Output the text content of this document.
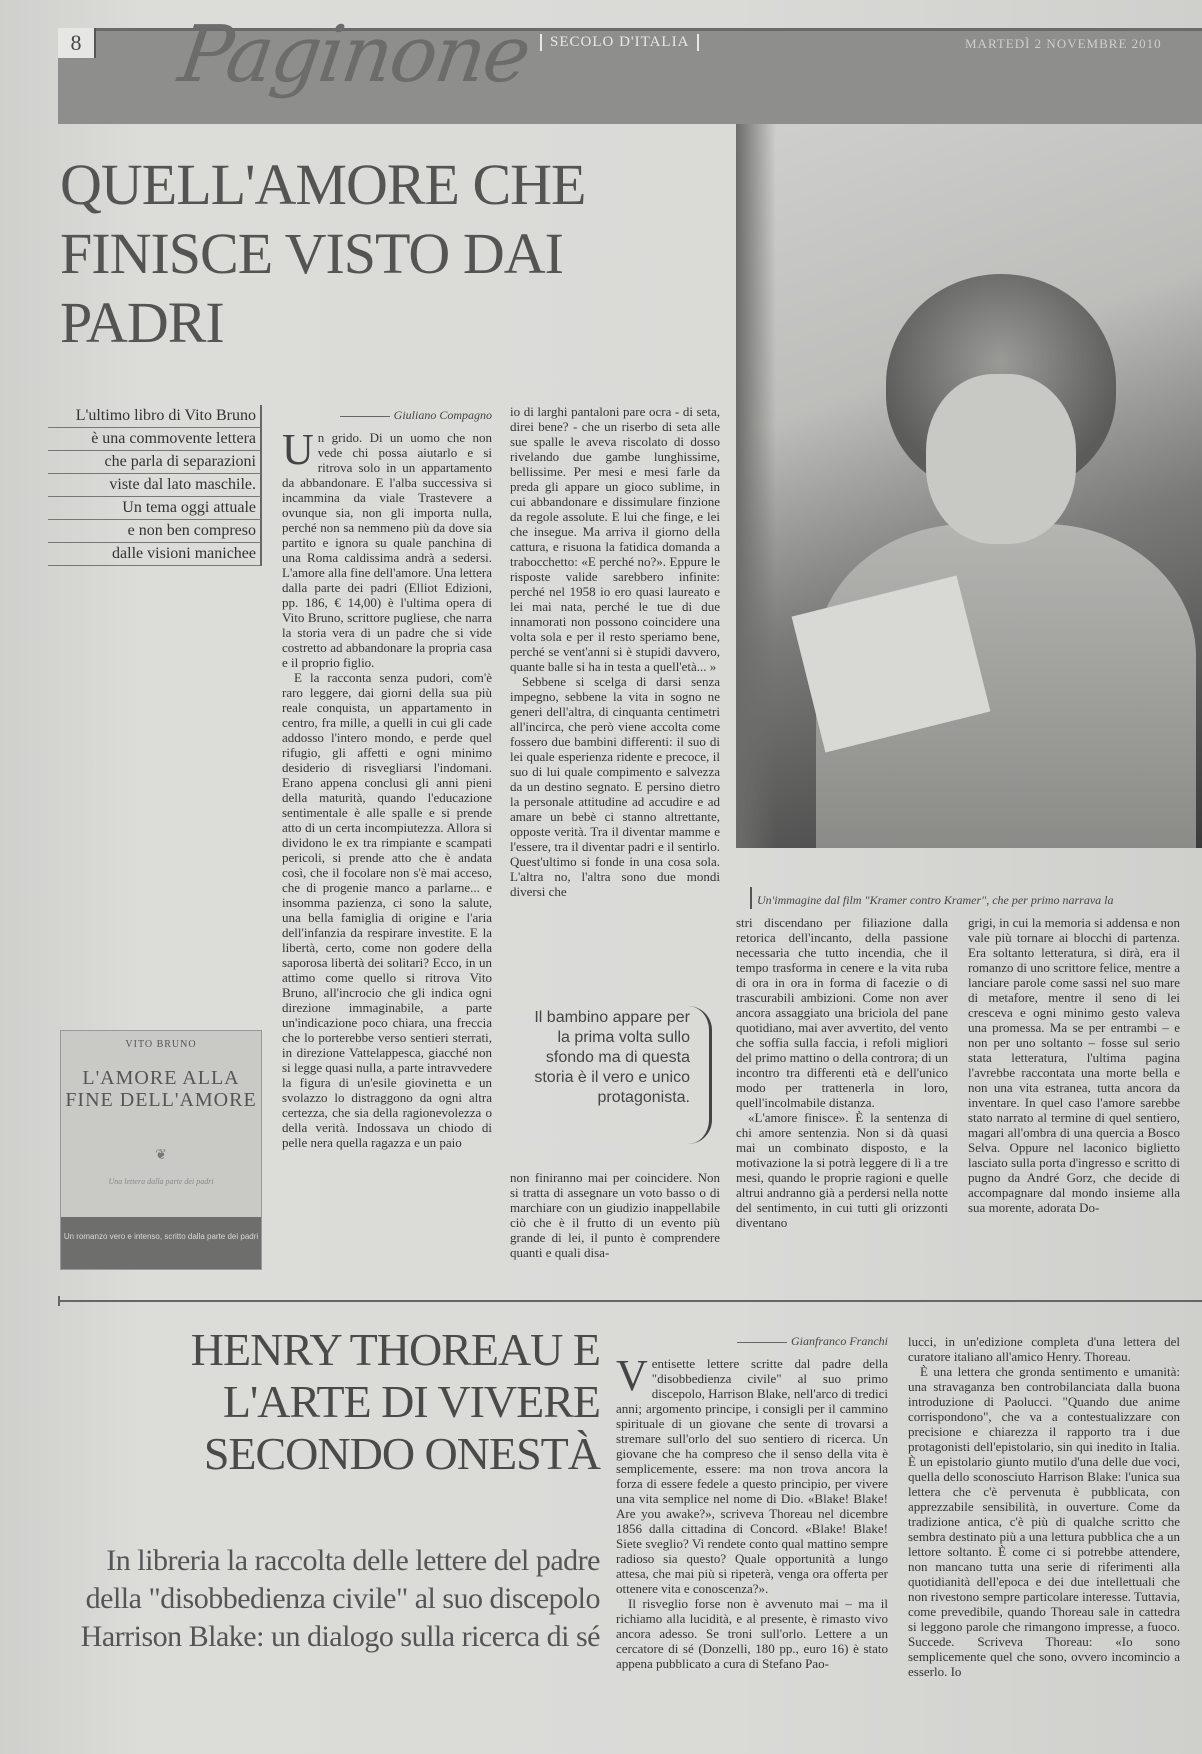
Paginone
8	SECOLO D'ITALIA	MARTEDÌ 2 NOVEMBRE 2010
QUELL'AMORE CHE FINISCE VISTO DAI PADRI
Un'immagine dal film "Kramer contro Kramer", che per primo narrava la
L'ultimo libro di Vito Bruno
è una commovente lettera
che parla di separazioni
viste dal lato maschile.
Un tema oggi attuale
e non ben compreso
dalle visioni manichee
VITO BRUNO
L'AMORE ALLA FINE DELL'AMORE
❦
Una lettera dalla parte dei padri
Un romanzo vero e intenso, scritto dalla parte dei padri
Giuliano Compagno
Un grido. Di un uomo che non vede chi possa aiutarlo e si ritrova solo in un appartamento da abbandonare. E l'alba successiva si incammina da viale Trastevere a ovunque sia, non gli importa nulla, perché non sa nemmeno più da dove sia partito e ignora su quale panchina di una Roma caldissima andrà a sedersi. L'amore alla fine dell'amore. Una lettera dalla parte dei padri (Elliot Edizioni, pp. 186, € 14,00) è l'ultima opera di Vito Bruno, scrittore pugliese, che narra la storia vera di un padre che si vide costretto ad abbandonare la propria casa e il proprio figlio.

E la racconta senza pudori, com'è raro leggere, dai giorni della sua più reale conquista, un appartamento in centro, fra mille, a quelli in cui gli cade addosso l'intero mondo, e perde quel rifugio, gli affetti e ogni minimo desiderio di risvegliarsi l'indomani. Erano appena conclusi gli anni pieni della maturità, quando l'educazione sentimentale è alle spalle e si prende atto di un certa incompiutezza. Allora si dividono le ex tra rimpiante e scampati pericoli, si prende atto che è andata così, che il focolare non s'è mai acceso, che di progenie manco a parlarne... e insomma pazienza, ci sono la salute, una bella famiglia di origine e l'aria dell'infanzia da respirare investite. E la libertà, certo, come non godere della saporosa libertà dei solitari? Ecco, in un attimo come quello si ritrova Vito Bruno, all'incrocio che gli indica ogni direzione immaginabile, a parte un'indicazione poco chiara, una freccia che lo porterebbe verso sentieri sterrati, in direzione Vattelappesca, giacché non si legge quasi nulla, a parte intravvedere la figura di un'esile giovinetta e un svolazzo lo distraggono da ogni altra certezza, che sia della ragionevolezza o della verità. Indossava un chiodo di pelle nera quella ragazza e un paio

io di larghi pantaloni pare ocra - di seta, direi bene? - che un riserbo di seta alle sue spalle le aveva riscolato di dosso rivelando due gambe lunghissime, bellissime. Per mesi e mesi farle da preda gli appare un gioco sublime, in cui abbandonare e dissimulare finzione da regole assolute. E lui che finge, e lei che insegue. Ma arriva il giorno della cattura, e risuona la fatidica domanda a trabocchetto: «E perché no?». Eppure le risposte valide sarebbero infinite: perché nel 1958 io ero quasi laureato e lei mai nata, perché le tue di due innamorati non possono coincidere una volta sola e per il resto speriamo bene, perché se vent'anni si è stupidi davvero, quante balle si ha in testa a quell'età... »

Sebbene si scelga di darsi senza impegno, sebbene la vita in sogno ne generi dell'altra, di cinquanta centimetri all'incirca, che però viene accolta come fossero due bambini differenti: il suo di lei quale esperienza ridente e precoce, il suo di lui quale compimento e salvezza da un destino segnato. E persino dietro la personale attitudine ad accudire e ad amare un bebè ci stanno altrettante, opposte verità. Tra il diventar mamme e l'essere, tra il diventar padri e il sentirlo. Quest'ultimo si fonde in una cosa sola. L'altra no, l'altra sono due mondi diversi che

Il bambino appare per la prima volta sullo sfondo ma di questa storia è il vero e unico protagonista.

non finiranno mai per coincidere. Non si tratta di assegnare un voto basso o di marchiare con un giudizio inappellabile ciò che è il frutto di un evento più grande di lei, il punto è comprendere quanti e quali disa-

stri discendano per filiazione dalla retorica dell'incanto, della passione necessaria che tutto incendia, che il tempo trasforma in cenere e la vita ruba di ora in ora in forma di facezie o di trascurabili ambizioni. Come non aver ancora assaggiato una briciola del pane quotidiano, mai aver avvertito, del vento che soffia sulla faccia, i refoli migliori del primo mattino o della controra; di un incontro tra differenti età e dell'unico modo per trattenerla in loro, quell'incolmabile distanza.

«L'amore finisce». È la sentenza di chi amore sentenzia. Non si dà quasi mai un combinato disposto, e la motivazione la si potrà leggere di lì a tre mesi, quando le proprie ragioni e quelle altrui andranno già a perdersi nella notte del sentimento, in cui tutti gli orizzonti diventano

grigi, in cui la memoria si addensa e non vale più tornare ai blocchi di partenza. Era soltanto letteratura, si dirà, era il romanzo di uno scrittore felice, mentre a lanciare parole come sassi nel suo mare di metafore, mentre il seno di lei cresceva e ogni minimo gesto valeva una promessa. Ma se per entrambi – e non per uno soltanto – fosse sul serio stata letteratura, l'ultima pagina l'avrebbe raccontata una morte bella e non una vita estranea, tutta ancora da inventare. In quel caso l'amore sarebbe stato narrato al termine di quel sentiero, magari all'ombra di una quercia a Bosco Selva. Oppure nel laconico biglietto lasciato sulla porta d'ingresso e scritto di pugno da André Gorz, che decide di accompagnare dal mondo insieme alla sua morente, adorata Do-

HENRY THOREAU E L'ARTE DI VIVERE SECONDO ONESTÀ
In libreria la raccolta delle lettere del padre della "disobbedienza civile" al suo discepolo Harrison Blake: un dialogo sulla ricerca di sé
Gianfranco Franchi
Ventisette lettere scritte dal padre della "disobbedienza civile" al suo primo discepolo, Harrison Blake, nell'arco di tredici anni; argomento principe, i consigli per il cammino spirituale di un giovane che sente di trovarsi a stremare sull'orlo del suo sentiero di ricerca. Un giovane che ha compreso che il senso della vita è semplicemente, essere: ma non trova ancora la forza di essere fedele a questo principio, per vivere una vita semplice nel nome di Dio. «Blake! Blake! Are you awake?», scriveva Thoreau nel dicembre 1856 dalla cittadina di Concord. «Blake! Blake! Siete sveglio? Vi rendete conto qual mattino sempre radioso sia questo? Quale opportunità a lungo attesa, che mai più si ripeterà, venga ora offerta per ottenere vita e conoscenza?».

Il risveglio forse non è avvenuto mai – ma il richiamo alla lucidità, e al presente, è rimasto vivo ancora adesso. Se troni sull'orlo. Lettere a un cercatore di sé (Donzelli, 180 pp., euro 16) è stato appena pubblicato a cura di Stefano Pao-

lucci, in un'edizione completa d'una lettera del curatore italiano all'amico Henry. Thoreau.

È una lettera che grondа sentimento e umanità: una stravaganza ben controbilanciata dalla buona introduzione di Paolucci. "Quando due anime corrispondono", che va a contestualizzare con precisione e chiarezza il rapporto tra i due protagonisti dell'epistolario, sin qui inedito in Italia. È un epistolario giunto mutilo d'una delle due voci, quella dello sconosciuto Harrison Blake: l'unica sua lettera che c'è pervenuta è pubblicata, con apprezzabile sensibilità, in ouverture. Come da tradizione antica, c'è più di qualche scritto che sembra destinato più a una lettura pubblica che a un lettore soltanto. È come ci si potrebbe attendere, non mancano tutta una serie di riferimenti alla quotidianità dell'epoca e dei due intellettuali che non rivestono sempre particolare interesse. Tuttavia, come prevedibile, quando Thoreau sale in cattedra si leggono parole che rimangono impresse, a fuoco. Succede. Scriveva Thoreau: «Io sono semplicemente quel che sono, ovvero incomincio a esserlo. Io
